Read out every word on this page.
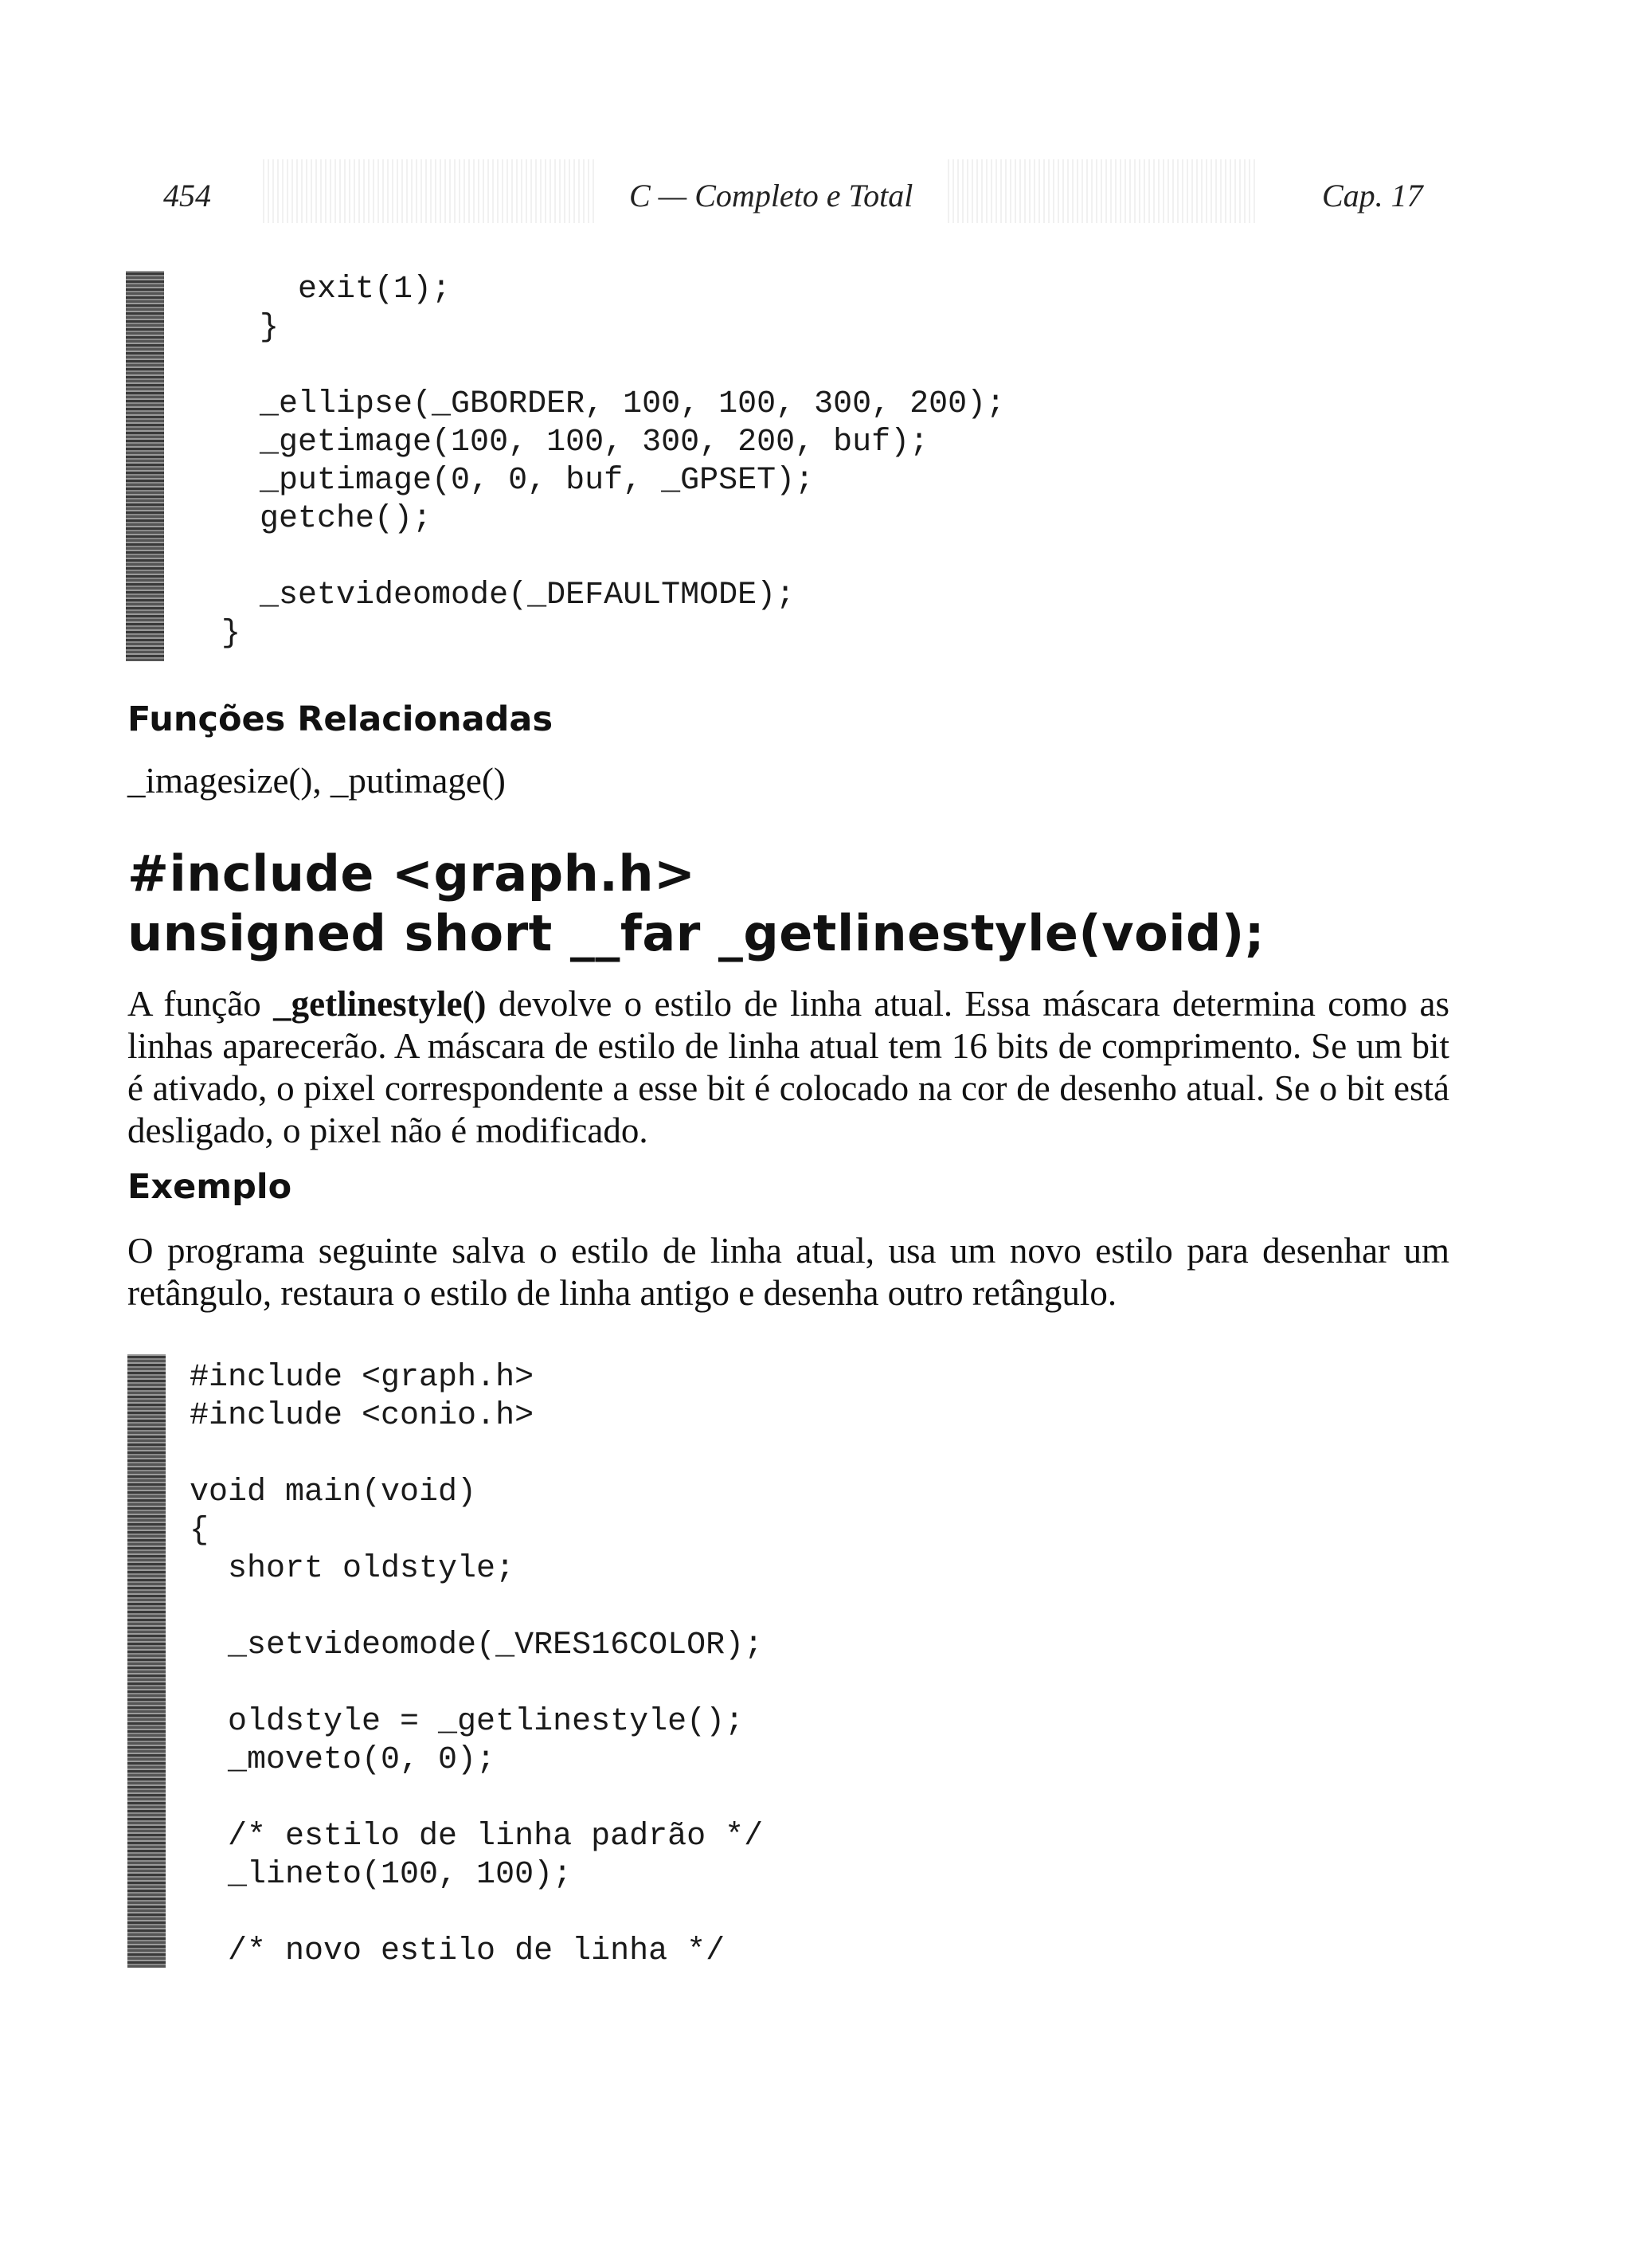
454	C — Completo e Total	Cap. 17
exit(1);
}

_ellipse(_GBORDER, 100, 100, 300, 200);
_getimage(100, 100, 300, 200, buf);
_putimage(0, 0, buf, _GPSET);
getche();

_setvideomode(_DEFAULTMODE);
}
Funções Relacionadas
_imagesize(), _putimage()
#include <graph.h>
unsigned short __far _getlinestyle(void);

A função _getlinestyle() devolve o estilo de linha atual. Essa máscara determina como as linhas aparecerão. A máscara de estilo de linha atual tem 16 bits de comprimento. Se um bit é ativado, o pixel correspondente a esse bit é colocado na cor de desenho atual. Se o bit está desligado, o pixel não é modificado.

Exemplo

O programa seguinte salva o estilo de linha atual, usa um novo estilo para desenhar um retângulo, restaura o estilo de linha antigo e desenha outro retângulo.

#include <graph.h>
#include <conio.h>

void main(void)
{
short oldstyle;

_setvideomode(_VRES16COLOR);

oldstyle = _getlinestyle();
_moveto(0, 0);

/* estilo de linha padrão */
_lineto(100, 100);

/* novo estilo de linha */
